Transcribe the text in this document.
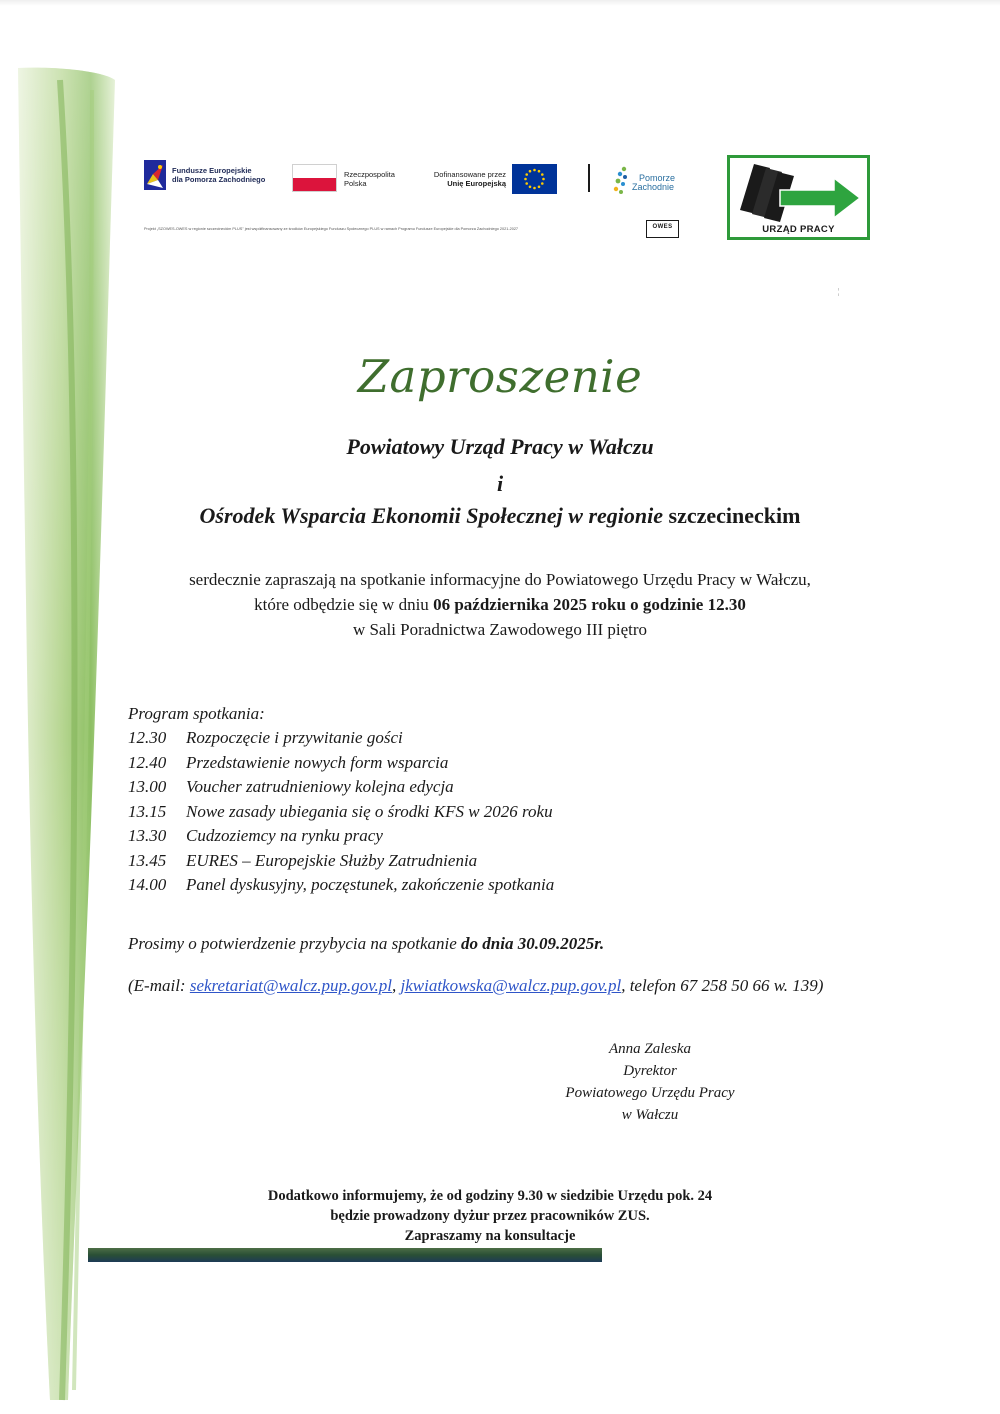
Fundusze Europejskie
dla Pomorza Zachodniego
Rzeczpospolita
Polska
Dofinansowane przez
Unię Europejską
Pomorze
Zachodnie
Projekt „SZOWES-OWES w regionie szczecineckim PLUS" jest współfinansowany ze środków Europejskiego Funduszu Społecznego PLUS w ramach Programu Fundusze Europejskie dla Pomorza Zachodniego 2021-2027	OWES	URZĄD PRACY
¦
Zaproszenie
Powiatowy Urząd Pracy w Wałczu
i
Ośrodek Wsparcia Ekonomii Społecznej w regionie szczecineckim
serdecznie zapraszają na spotkanie informacyjne do Powiatowego Urzędu Pracy w Wałczu,
które odbędzie się w dniu 06 października 2025 roku o godzinie 12.30
w Sali Poradnictwa Zawodowego III piętro
Program spotkania:
12.30 Rozpoczęcie i przywitanie gości
12.40 Przedstawienie nowych form wsparcia
13.00 Voucher zatrudnieniowy kolejna edycja
13.15 Nowe zasady ubiegania się o środki KFS w 2026 roku
13.30 Cudzoziemcy na rynku pracy
13.45 EURES – Europejskie Służby Zatrudnienia
14.00 Panel dyskusyjny, poczęstunek, zakończenie spotkania
Prosimy o potwierdzenie przybycia na spotkanie do dnia 30.09.2025r.
(E-mail: sekretariat@walcz.pup.gov.pl, jkwiatkowska@walcz.pup.gov.pl, telefon 67 258 50 66 w. 139)
Anna Zaleska
Dyrektor
Powiatowego Urzędu Pracy
w Wałczu
Dodatkowo informujemy, że od godziny 9.30 w siedzibie Urzędu pok. 24
będzie prowadzony dyżur przez pracowników ZUS.
Zapraszamy na konsultacje
